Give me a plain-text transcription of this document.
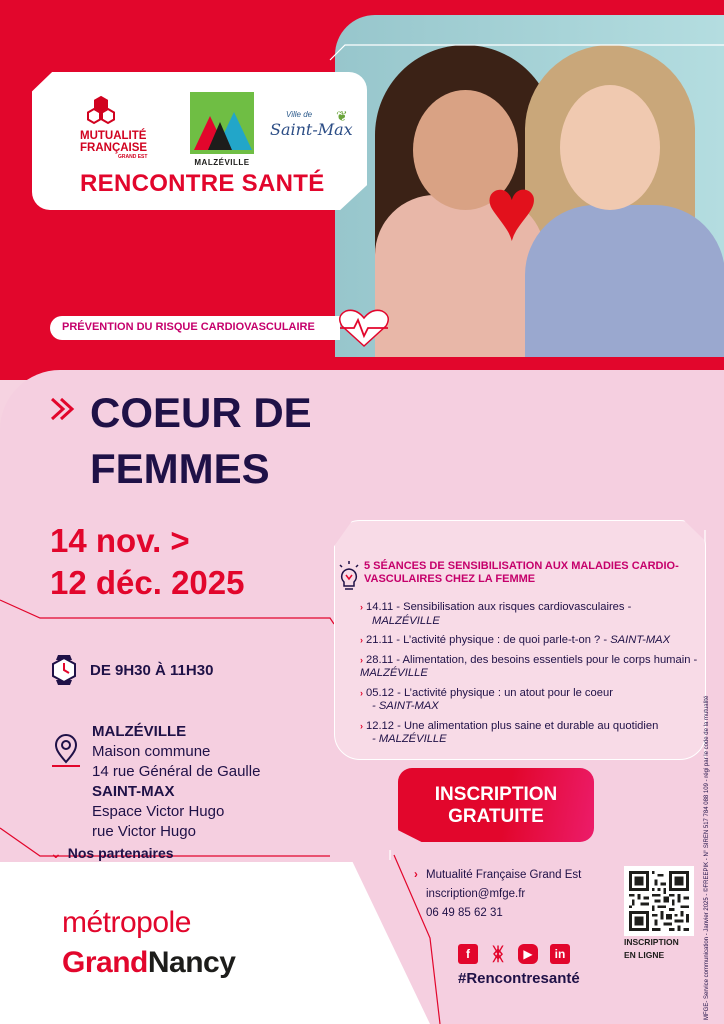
♥
MUTUALITÉ
FRANÇAISE
GRAND EST
MALZÉVILLE
Ville de
Saint-Max
❦
RENCONTRE SANTÉ
PRÉVENTION DU RISQUE CARDIOVASCULAIRE
COEUR DE
FEMMES
14 nov. >
12 déc. 2025
DE 9H30 À 11H30
MALZÉVILLE
Maison commune
14 rue Général de Gaulle
SAINT-MAX
Espace Victor Hugo
rue Victor Hugo
⌄ Nos partenaires
métropole
GrandNancy
5 SÉANCES DE SENSIBILISATION AUX MALADIES CARDIO-VASCULAIRES CHEZ LA FEMME
› 14.11 - Sensibilisation aux risques cardiovasculaires -
MALZÉVILLE
› 21.11 - L’activité physique : de quoi parle-t-on ? - SAINT-MAX
› 28.11 - Alimentation, des besoins essentiels pour le corps humain - MALZÉVILLE
› 05.12 - L’activité physique : un atout pour le coeur
- SAINT-MAX
› 12.12 - Une alimentation plus saine et durable au quotidien
- MALZÉVILLE
INSCRIPTION
GRATUITE
› Mutualité Française Grand Est
inscription@mfge.fr
06 49 85 62 31
INSCRIPTION
EN LIGNE
f	ᛤ	▶	in
#Rencontresanté	MFGE- Service communication - Janvier 2025 - ©FREEPIK - N° SIREN 517 784 088 109 - régi par le code de la mutualité
